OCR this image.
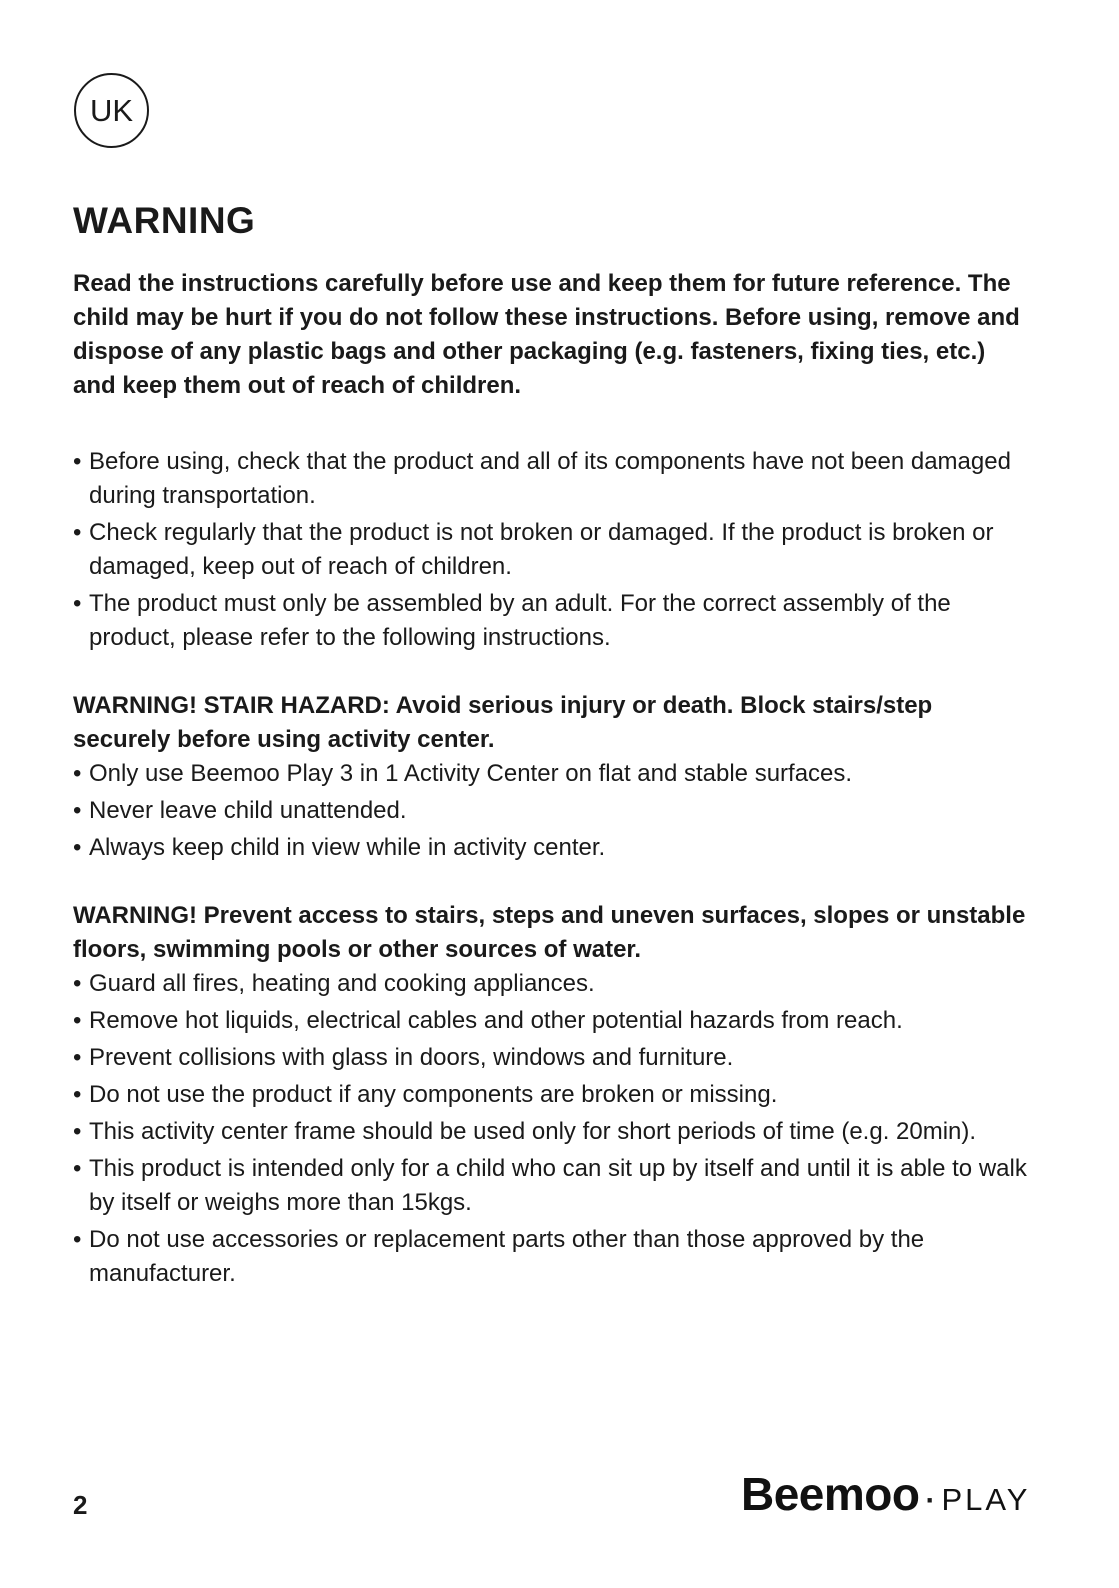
UK
WARNING

Read the instructions carefully before use and keep them for future reference. The child may be hurt if you do not follow these instructions. Before using, remove and dispose of any plastic bags and other packaging (e.g. fasteners, fixing ties, etc.) and keep them out of reach of children.

• Before using, check that the product and all of its components have not been damaged during transportation.
• Check regularly that the product is not broken or damaged. If the product is broken or damaged, keep out of reach of children.
• The product must only be assembled by an adult. For the correct assembly of the product, please refer to the following instructions.

WARNING! STAIR HAZARD: Avoid serious injury or death. Block stairs/step securely before using activity center.

• Only use Beemoo Play 3 in 1 Activity Center on flat and stable surfaces.
• Never leave child unattended.
• Always keep child in view while in activity center.

WARNING! Prevent access to stairs, steps and uneven surfaces, slopes or unstable floors, swimming pools or other sources of water.

• Guard all fires, heating and cooking appliances.
• Remove hot liquids, electrical cables and other potential hazards from reach.
• Prevent collisions with glass in doors, windows and furniture.
• Do not use the product if any components are broken or missing.
• This activity center frame should be used only for short periods of time (e.g. 20min).
• This product is intended only for a child who can sit up by itself and until it is able to walk by itself or weighs more than 15kgs.
• Do not use accessories or replacement parts other than those approved by the manufacturer.
2	Beemoo · PLAY
